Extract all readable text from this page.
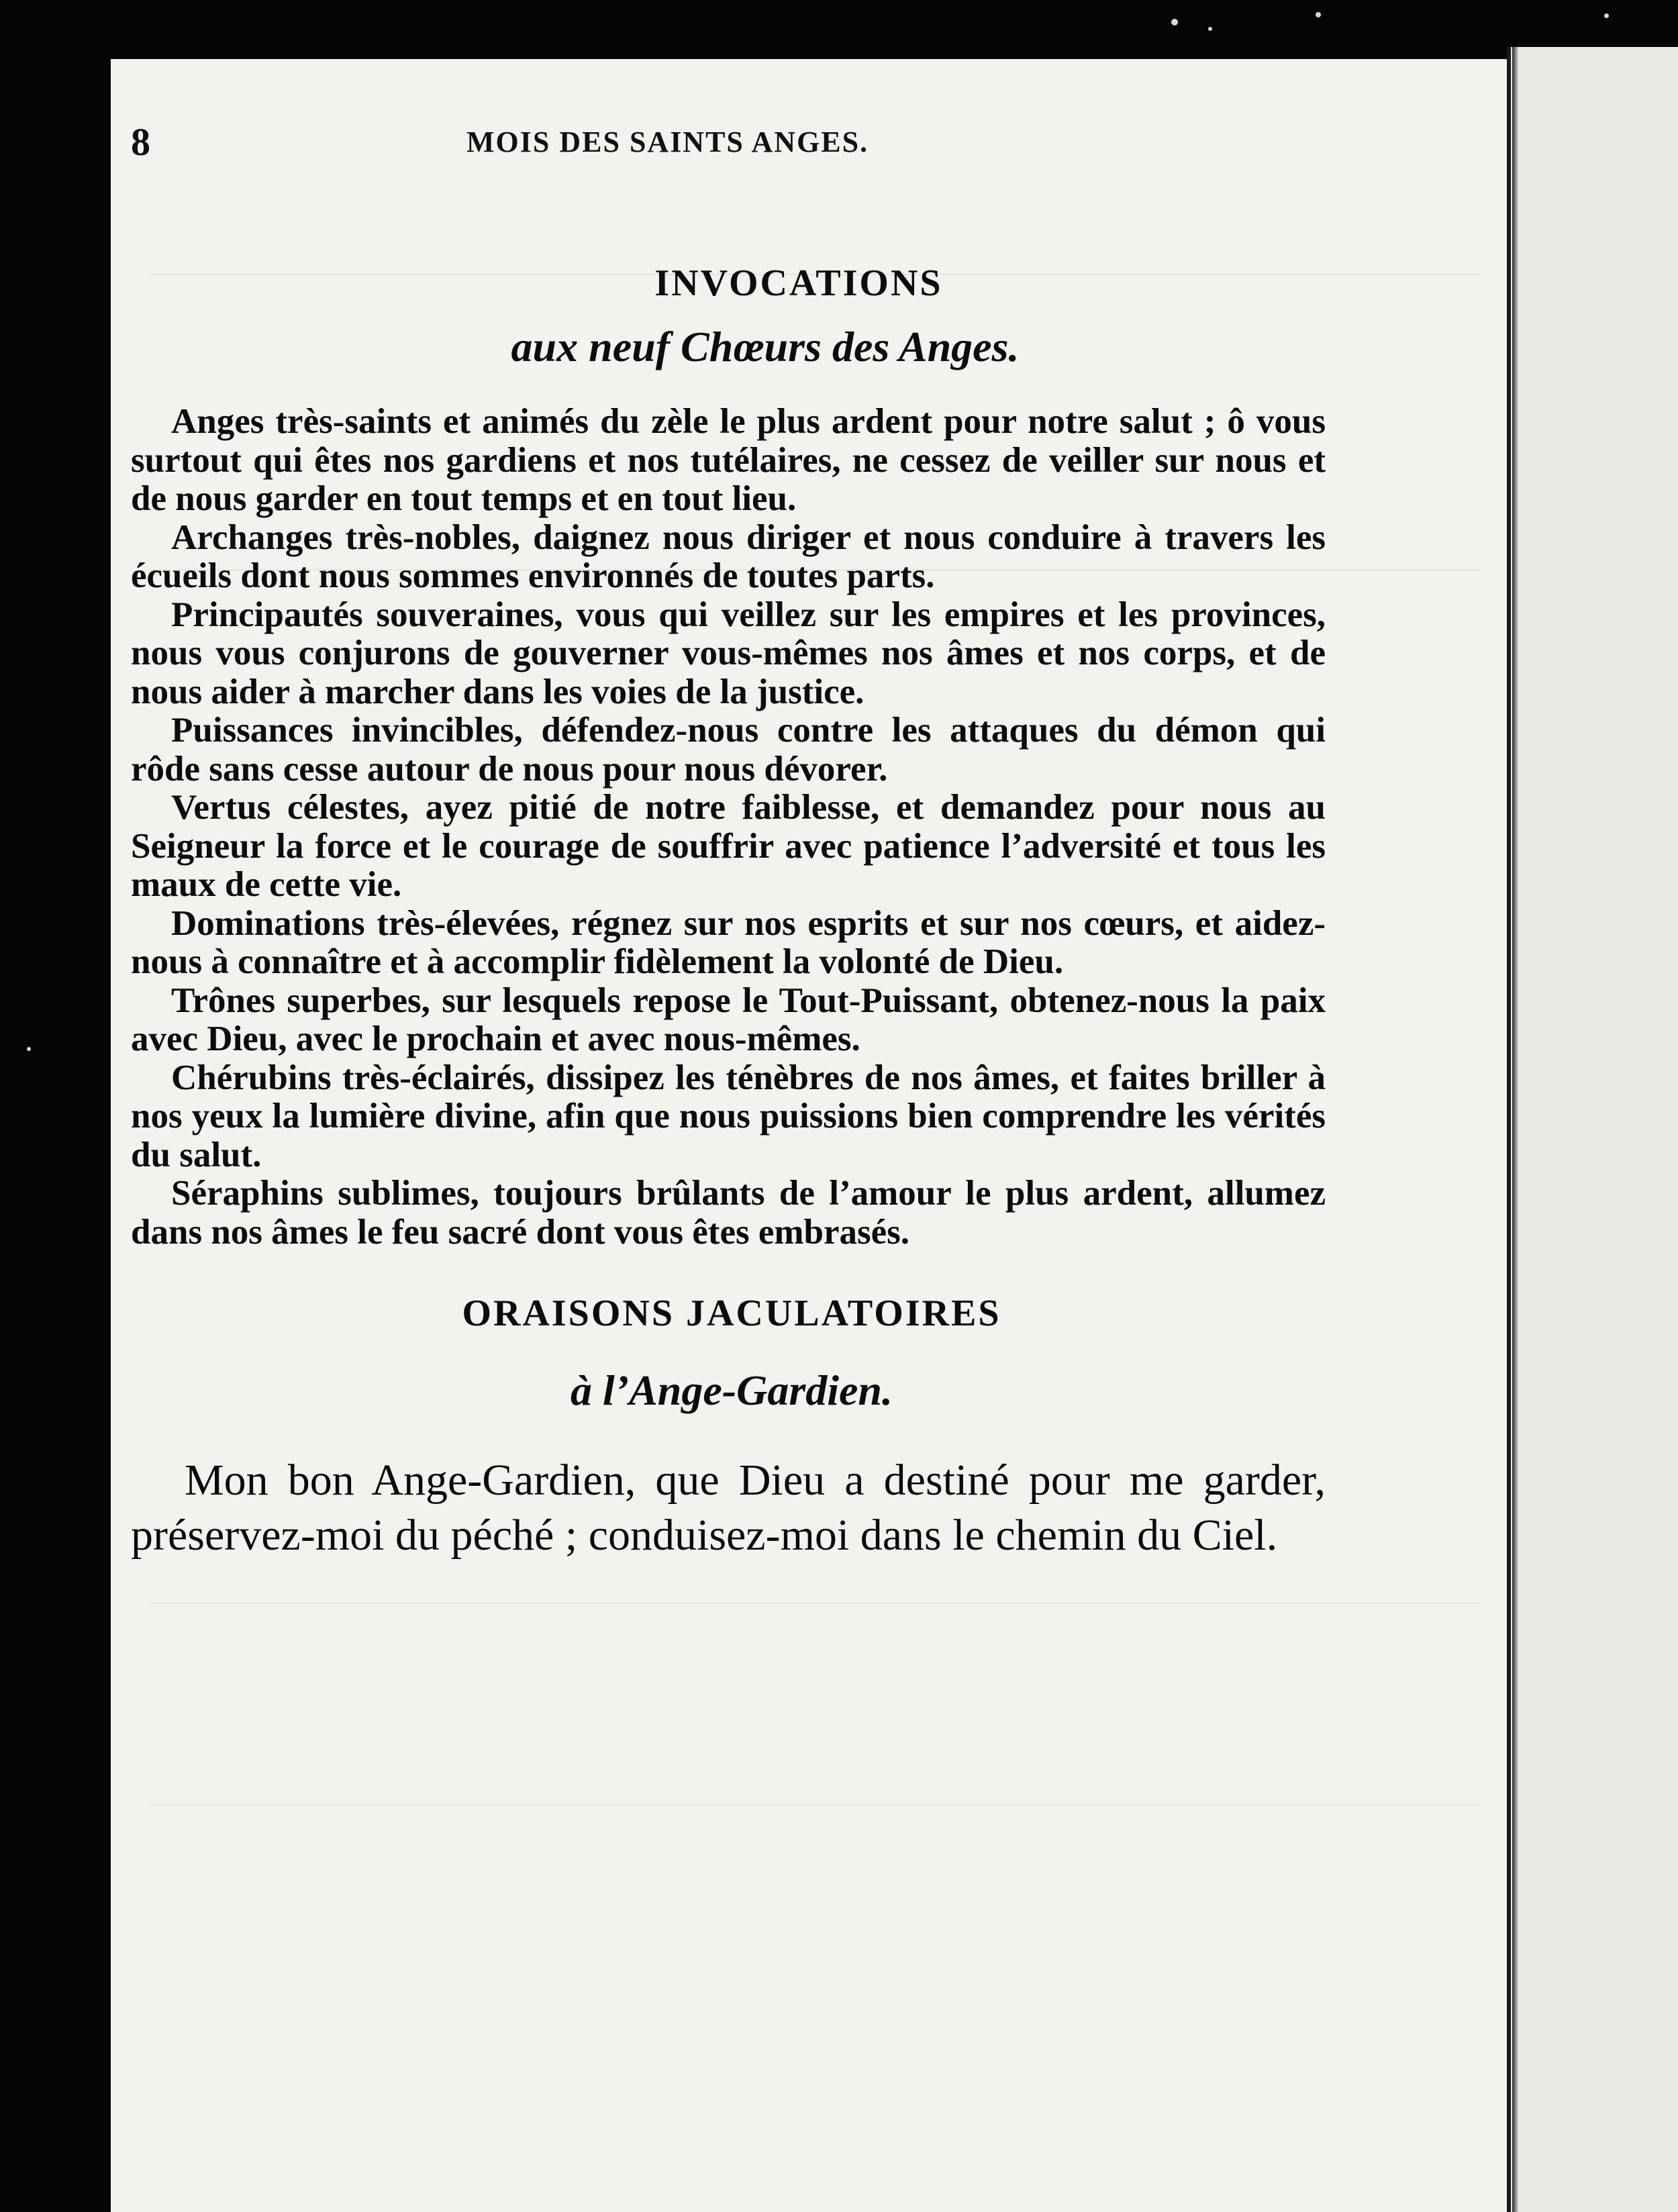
8	MOIS DES SAINTS ANGES.
INVOCATIONS
aux neuf Chœurs des Anges.

Anges très-saints et animés du zèle le plus ardent pour notre salut ; ô vous surtout qui êtes nos gardiens et nos tutélaires, ne cessez de veiller sur nous et de nous garder en tout temps et en tout lieu.

Archanges très-nobles, daignez nous diriger et nous conduire à travers les écueils dont nous sommes environnés de toutes parts.

Principautés souveraines, vous qui veillez sur les empires et les provinces, nous vous conjurons de gouverner vous-mêmes nos âmes et nos corps, et de nous aider à marcher dans les voies de la justice.

Puissances invincibles, défendez-nous contre les attaques du démon qui rôde sans cesse autour de nous pour nous dévorer.

Vertus célestes, ayez pitié de notre faiblesse, et demandez pour nous au Seigneur la force et le courage de souffrir avec patience l’adversité et tous les maux de cette vie.

Dominations très-élevées, régnez sur nos esprits et sur nos cœurs, et aidez-nous à connaître et à accomplir fidèlement la volonté de Dieu.

Trônes superbes, sur lesquels repose le Tout-Puissant, obtenez-nous la paix avec Dieu, avec le prochain et avec nous-mêmes.

Chérubins très-éclairés, dissipez les ténèbres de nos âmes, et faites briller à nos yeux la lumière divine, afin que nous puissions bien comprendre les vérités du salut.

Séraphins sublimes, toujours brûlants de l’amour le plus ardent, allumez dans nos âmes le feu sacré dont vous êtes embrasés.

ORAISONS JACULATOIRES
à l’Ange-Gardien.

Mon bon Ange-Gardien, que Dieu a destiné pour me garder, préservez-moi du péché ; conduisez-moi dans le chemin du Ciel.
